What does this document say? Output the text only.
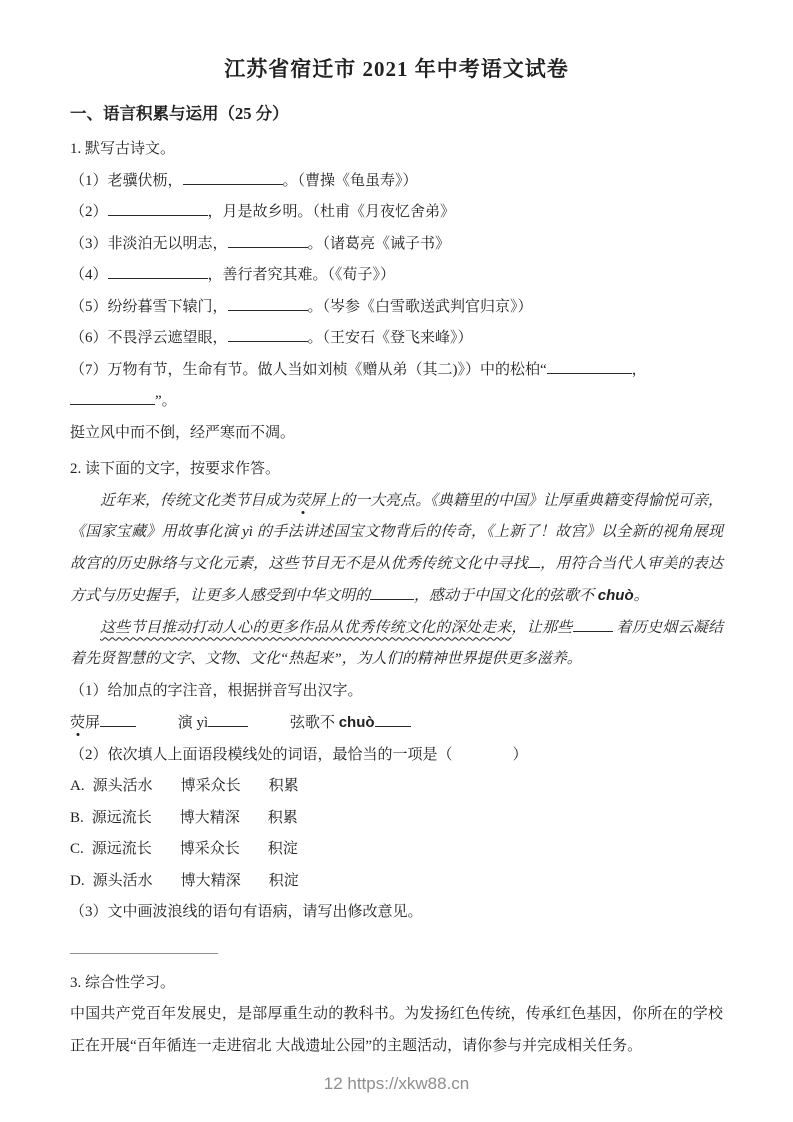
江苏省宿迁市 2021 年中考语文试卷
一、语言积累与运用（25 分）
1. 默写古诗文。
（1）老骥伏枥，	。（曹操《龟虽寿》）
（2）	，月是故乡明。（杜甫《月夜忆舍弟》
（3）非淡泊无以明志，	。（诸葛亮《诫子书》
（4）	，善行者究其难。（《荀子》）
（5）纷纷暮雪下辕门，	。（岑参《白雪歌送武判官归京》）
（6）不畏浮云遮望眼，	。（王安石《登飞来峰》）
（7）万物有节，生命有节。做人当如刘桢《赠从弟（其二)》）中的松柏“	，”。
挺立风中而不倒，经严寒而不凋。
2. 读下面的文字，按要求作答。

近年来，传统文化类节目成为荧屏上的一大亮点。《典籍里的中国》让厚重典籍变得愉悦可亲，《国家宝藏》用故事化演 yì 的手法讲述国宝文物背后的传奇，《上新了！故宫》以全新的视角展现故宫的历史脉络与文化元素，这些节目无不是从优秀传统文化中寻找 ，用符合当代人审美的表达方式与历史握手，让更多人感受到中华文明的	，感动于中国文化的弦歌不 chuò。

这些节目推动打动人心的更多作品从优秀传统文化的深处走来，让那些	着历史烟云凝结着先贤智慧的文字、文物、文化“热起来”，为人们的精神世界提供更多滋养。

（1）给加点的字注音，根据拼音写出汉字。
荧屏	演 yì	弦歌不 chuò
（2）依次填人上面语段模线处的词语，最恰当的一项是（　　　　）
A. 源头活水 博采众长 积累
B. 源远流长 博大精深 积累
C. 源远流长 博采众长 积淀
D. 源头活水 博大精深 积淀
（3）文中画波浪线的语句有语病，请写出修改意见。
3. 综合性学习。

中国共产党百年发展史，是部厚重生动的教科书。为发扬红色传统，传承红色基因，你所在的学校正在开展“百年循连一走进宿北 大战遗址公园”的主题活动，请你参与并完成相关任务。

12 https://xkw88.cn
